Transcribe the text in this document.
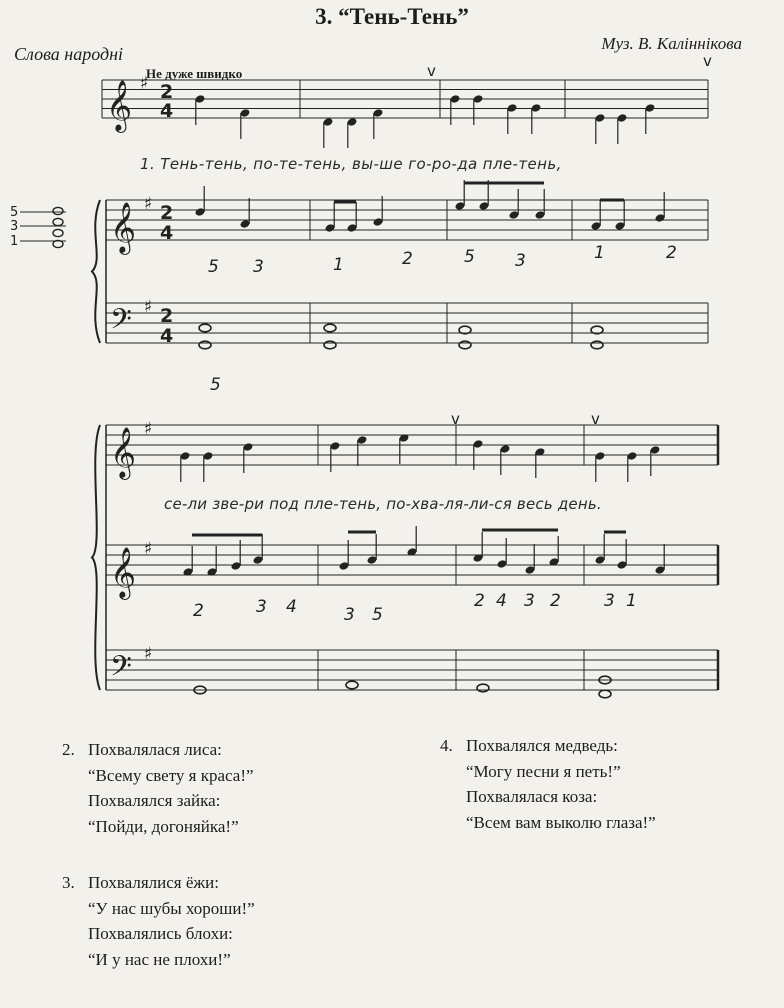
3. “Тень-Тень”
Слова народні
Муз. В. Каліннікова
Не дуже швидко
𝄞 ♯
𝄞 ♯
𝄢 ♯
𝄞 ♯
𝄞 ♯
𝄢 ♯
2
4
2
4
2
4
v
v
v	v
5 3	1	2	5 3	1	2
5
2	3 4	3 5
2 4 3 2	3 1
5
3
1
1. Тень-тень, по-те-тень, вы-ше го-ро-да пле-тень,
се-ли зве-ри под пле-тень, по-хва-ля-ли-ся весь день.
2. Похвалялася лиса:
“Всему свету я краса!”
Похвалялся зайка:
“Пойди, догоняйка!”
3. Похвалялися ёжи:
“У нас шубы хороши!”
Похвалялись блохи:
“И у нас не плохи!”
4. Похвалялся медведь:
“Могу песни я петь!”
Похвалялася коза:
“Всем вам выколю глаза!”
